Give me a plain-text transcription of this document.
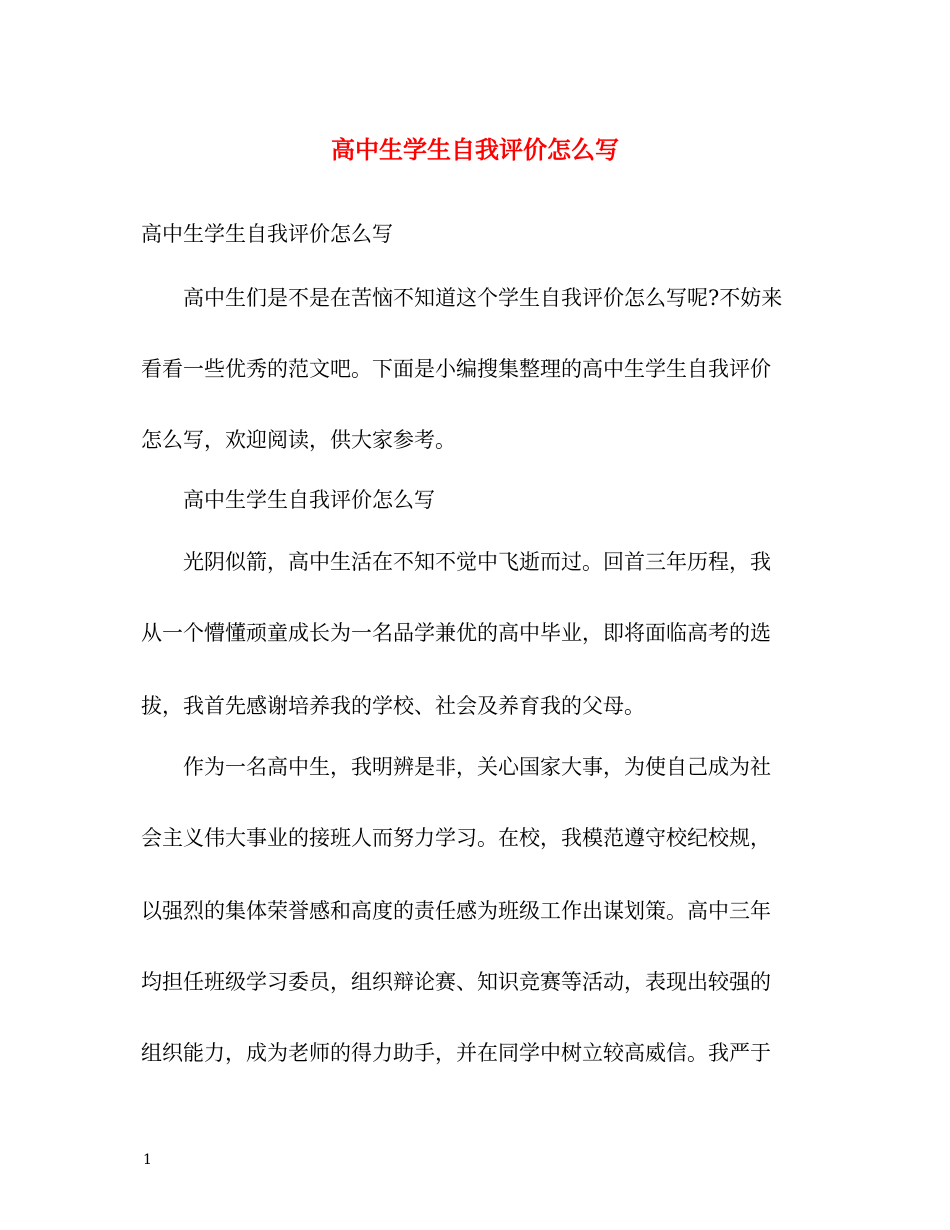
高中生学生自我评价怎么写

高中生学生自我评价怎么写

高中生们是不是在苦恼不知道这个学生自我评价怎么写呢?不妨来

看看一些优秀的范文吧。下面是小编搜集整理的高中生学生自我评价

怎么写，欢迎阅读，供大家参考。

高中生学生自我评价怎么写

光阴似箭，高中生活在不知不觉中飞逝而过。回首三年历程，我

从一个懵懂顽童成长为一名品学兼优的高中毕业，即将面临高考的选

拔，我首先感谢培养我的学校、社会及养育我的父母。

作为一名高中生，我明辨是非，关心国家大事，为使自己成为社

会主义伟大事业的接班人而努力学习。在校，我模范遵守校纪校规，

以强烈的集体荣誉感和高度的责任感为班级工作出谋划策。高中三年

均担任班级学习委员，组织辩论赛、知识竞赛等活动，表现出较强的

组织能力，成为老师的得力助手，并在同学中树立较高威信。我严于

1
